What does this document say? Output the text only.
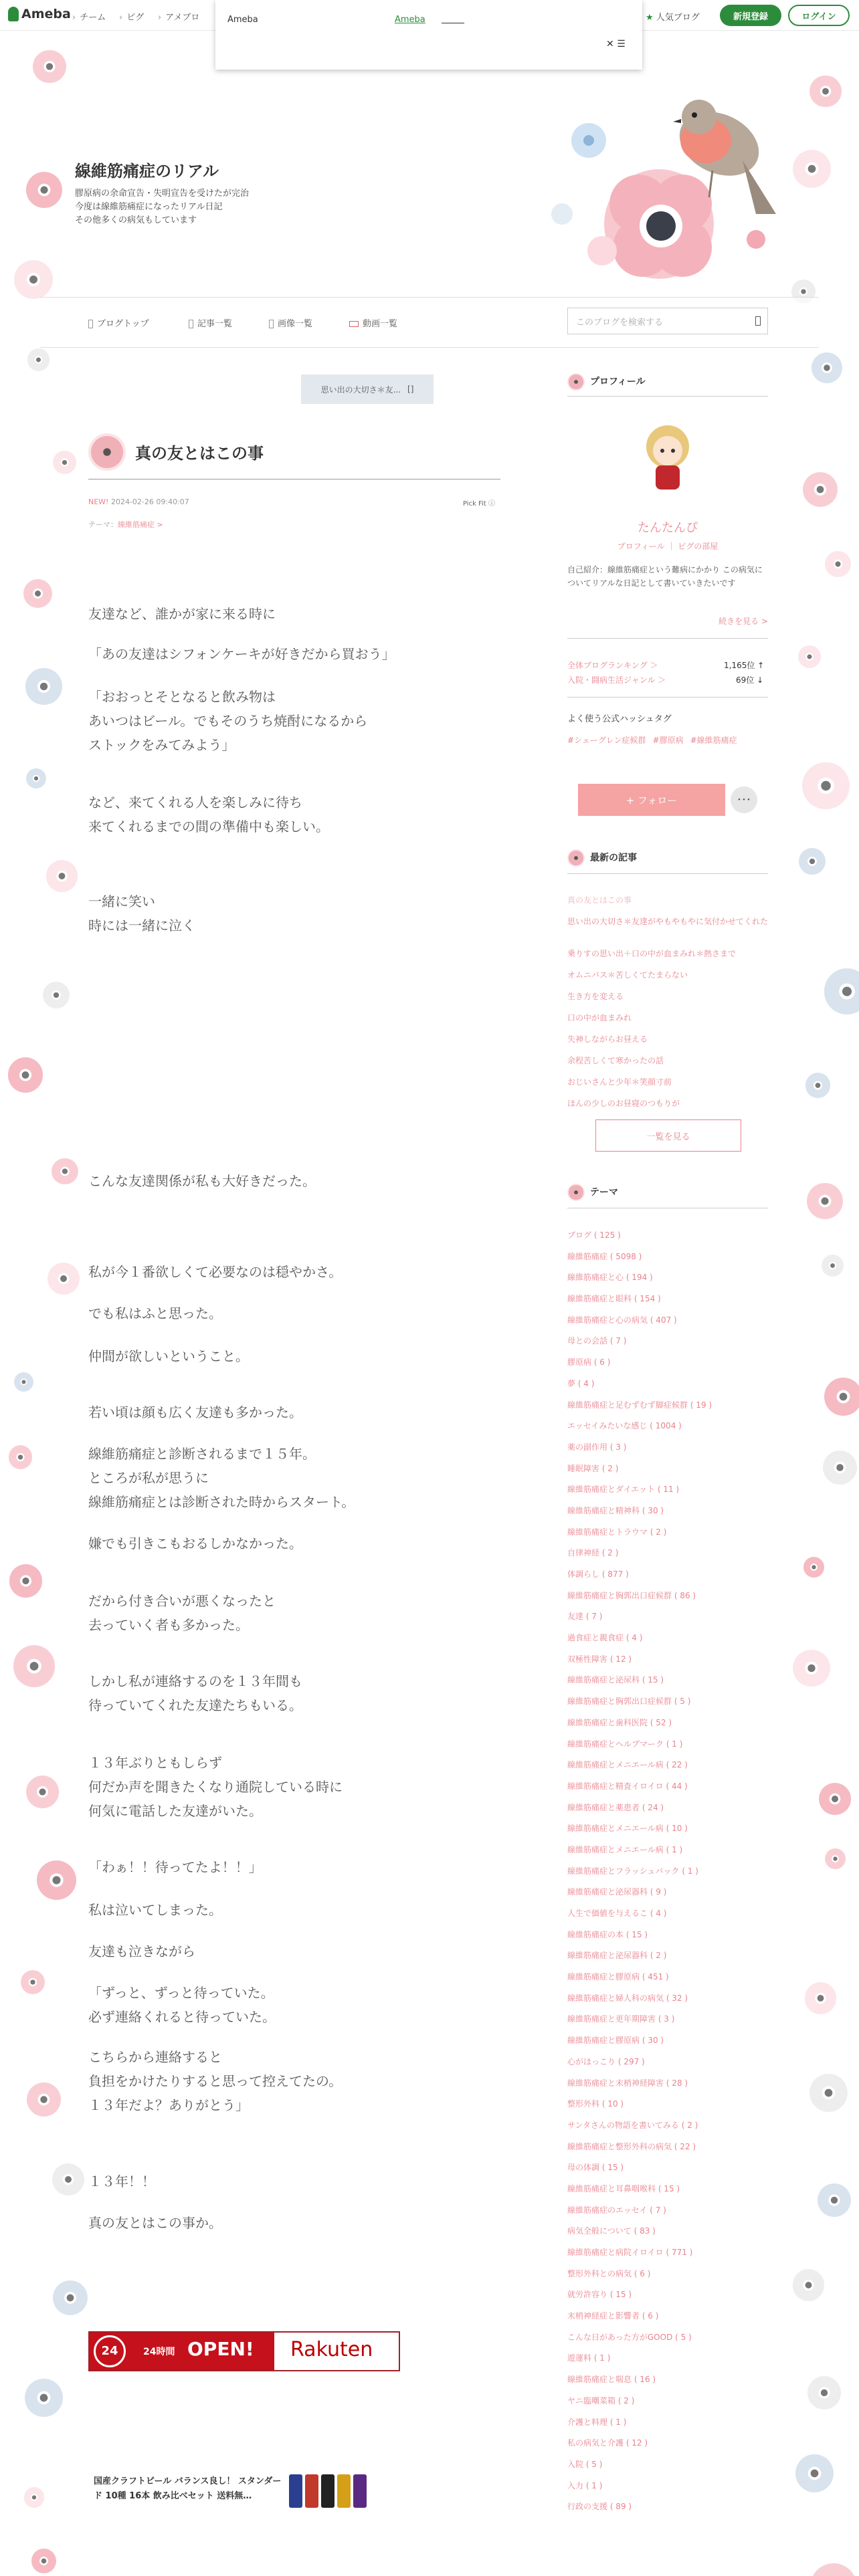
Ameba	› チーム	› ピグ	› アメブロ	★ 人気ブログ	新規登録	ログイン
Ameba	Ameba
✕ ☰
線維筋痛症のリアル
膠原病の余命宣告・失明宣告を受けたが完治
今度は線維筋痛症になったリアル日記
その他多くの病気もしています
ブログトップ	記事一覧	画像一覧	動画一覧	このブログを検索する
思い出の大切さ＊友... []
真の友とはこの事
NEW! 2024-02-26 09:40:07	Pick Fit ⓘ
テーマ：線維筋痛症 >
友達など、誰かが家に来る時に
「あの友達はシフォンケーキが好きだから買おう」
「おおっとそとなると飲み物は
あいつはビール。でもそのうち焼酎になるから
ストックをみてみよう」
など、来てくれる人を楽しみに待ち
来てくれるまでの間の準備中も楽しい。
一緒に笑い
時には一緒に泣く
こんな友達関係が私も大好きだった。
私が今１番欲しくて必要なのは穏やかさ。
でも私はふと思った。
仲間が欲しいということ。
若い頃は顔も広く友達も多かった。
線維筋痛症と診断されるまで１５年。
ところが私が思うに
線維筋痛症とは診断された時からスタート。
嫌でも引きこもおるしかなかった。
だから付き合いが悪くなったと
去っていく者も多かった。
しかし私が連絡するのを１３年間も
待っていてくれた友達たちもいる。
１３年ぶりともしらず
何だか声を聞きたくなり通院している時に
何気に電話した友達がいた。
「わぁ！！待ってたよ！！」
私は泣いてしまった。
友達も泣きながら
「ずっと、ずっと待っていた。
必ず連絡くれると待っていた。
こちらから連絡すると
負担をかけたりすると思って控えてたの。
１３年だよ？ありがとう」
１３年！！
真の友とはこの事か。
24	24時間 OPEN! Rakuten
国産クラフトビール バランス良し！ スタンダード 10種 16本 飲み比べセット 送料無…
プロフィール
たんたんぴ
プロフィール ｜ ピグの部屋
自己紹介：線維筋痛症という難病にかかり この病気についてリアルな日記として書いていきたいです
続きを見る >
全体ブログランキング ＞	1,165位 ↑
入院・闘病生活ジャンル ＞	69位 ↓
よく使う公式ハッシュタグ
#シェーグレン症候群 #膠原病 #線維筋痛症
+ フォロー	･･･
最新の記事
真の友とはこの事
思い出の大切さ＊友達がやもやもやに気付かせてくれた
乗りすの思い出＋口の中が血まみれ＊熱さまで
オムニバス＊苦しくてたまらない
生き方を変える
口の中が血まみれ
失神しながらお昼える
余程苦しくて寒かったの話
おじいさんと少年＊笑顔寸前
ほんの少しのお昼寝のつもりが
一覧を見る
テーマ
ブログ ( 125 )
線維筋痛症 ( 5098 )
線維筋痛症と心 ( 194 )
線維筋痛症と眼科 ( 154 )
線維筋痛症と心の病気 ( 407 )
母との会話 ( 7 )
膠原病 ( 6 )
夢 ( 4 )
線維筋痛症と足むずむず脚症候群 ( 19 )
エッセイみたいな感じ ( 1004 )
薬の副作用 ( 3 )
睡眠障害 ( 2 )
線維筋痛症とダイエット ( 11 )
線維筋痛症と精神科 ( 30 )
線維筋痛症とトラウマ ( 2 )
自律神経 ( 2 )
体調らし ( 877 )
線維筋痛症と胸郭出口症候群 ( 86 )
友達 ( 7 )
過食症と親食症 ( 4 )
双極性障害 ( 12 )
線維筋痛症と泌尿科 ( 15 )
線維筋痛症と胸郭出口症候群 ( 5 )
線維筋痛症と歯科医院 ( 52 )
線維筋痛症とヘルプマーク ( 1 )
線維筋痛症とメニエール病 ( 22 )
線維筋痛症と精査イロイロ ( 44 )
線維筋痛症と薬患者 ( 24 )
線維筋痛症とメニエール病 ( 10 )
線維筋痛症とメニエール病 ( 1 )
線維筋痛症とフラッシュバック ( 1 )
線維筋痛症と泌尿器科 ( 9 )
人生で価値を与えるこ ( 4 )
線維筋痛症の本 ( 15 )
線維筋痛症と泌尿器科 ( 2 )
線維筋痛症と膠原病 ( 451 )
線維筋痛症と婦人科の病気 ( 32 )
線維筋痛症と更年期障害 ( 3 )
線維筋痛症と膠原病 ( 30 )
心がほっこり ( 297 )
線維筋痛症と末梢神経障害 ( 28 )
整形外科 ( 10 )
サンタさんの物語を書いてみる ( 2 )
線維筋痛症と整形外科の病気 ( 22 )
母の体調 ( 15 )
線維筋痛症と耳鼻咽喉科 ( 15 )
線維筋痛症のエッセイ ( 7 )
病気全般について ( 83 )
線維筋痛症と病院イロイロ ( 771 )
整形外科との病気 ( 6 )
就労許容り ( 15 )
末梢神経症と影響者 ( 6 )
こんな日があった方がGOOD ( 5 )
遊運料 ( 1 )
線維筋痛症と喘息 ( 16 )
ヤニ臨嘲菜箱 ( 2 )
介護と料理 ( 1 )
私の病気と介護 ( 12 )
入院 ( 5 )
入力 ( 1 )
行政の支援 ( 89 )
